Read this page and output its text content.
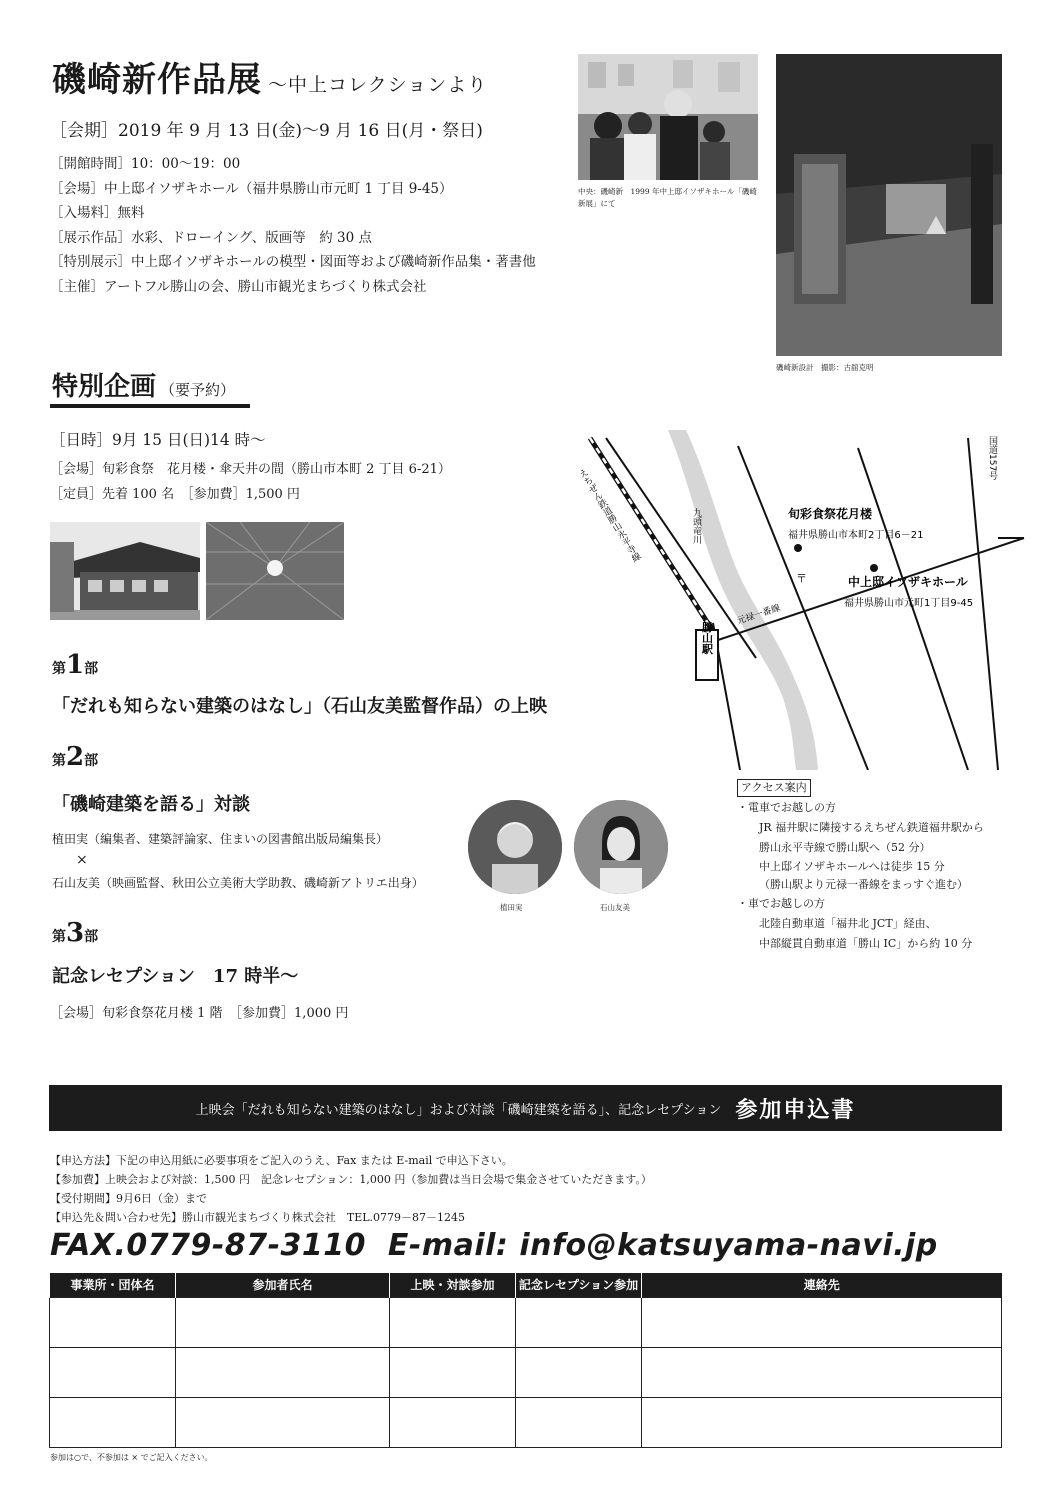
磯崎新作品展 ～中上コレクションより
［会期］2019 年 9 月 13 日(金)～9 月 16 日(月・祭日)
［開館時間］10：00～19：00
［会場］中上邸イソザキホール（福井県勝山市元町 1 丁目 9-45）
［入場料］無料
［展示作品］水彩、ドローイング、版画等　約 30 点
［特別展示］中上邸イソザキホールの模型・図面等および磯崎新作品集・著書他
［主催］アートフル勝山の会、勝山市観光まちづくり株式会社
中央：磯崎新　1999 年中上邸イソザキホール「磯崎新展」にて
磯崎新設計　撮影：古舘克明
特別企画 （要予約）
［日時］9月 15 日(日)14 時～
［会場］旬彩食祭　花月楼・傘天井の間（勝山市本町 2 丁目 6-21）
［定員］先着 100 名　［参加費］1,500 円
第1部
「だれも知らない建築のはなし」（石山友美監督作品）の上映
第2部
「磯崎建築を語る」対談
植田実（編集者、建築評論家、住まいの図書館出版局編集長）
×
石山友美（映画監督、秋田公立美術大学助教、磯崎新アトリエ出身）
植田実	石山友美
第3部
記念レセプション　17 時半～
［会場］旬彩食祭花月楼 1 階　［参加費］1,000 円
勝山駅
国道157号
えちぜん鉄道勝山永平寺線	九頭竜川
元禄一番線
旬彩食祭花月楼
福井県勝山市本町2丁目6－21
中上邸イソザキホール
福井県勝山市元町1丁目9-45
〒
アクセス案内
・電車でお越しの方
JR 福井駅に隣接するえちぜん鉄道福井駅から
勝山永平寺線で勝山駅へ（52 分）
中上邸イソザキホールへは徒歩 15 分
（勝山駅より元禄一番線をまっすぐ進む）
・車でお越しの方
北陸自動車道「福井北 JCT」経由、
中部縦貫自動車道「勝山 IC」から約 10 分
上映会「だれも知らない建築のはなし」および対談「磯崎建築を語る」、記念レセプション 参加申込書
【申込方法】下記の申込用紙に必要事項をご記入のうえ、Fax または E-mail で申込下さい。
【参加費】上映会および対談：1,500 円　記念レセプション：1,000 円（参加費は当日会場で集金させていただきます。）
【受付期間】9月6日（金）まで
【申込先＆問い合わせ先】勝山市観光まちづくり株式会社　TEL.0779－87－1245
FAX.0779-87-3110 E-mail: info@katsuyama-navi.jp
事業所・団体名	参加者氏名	上映・対談参加	記念レセプション参加	連絡先

参加は○で、不参加は × でご記入ください。
